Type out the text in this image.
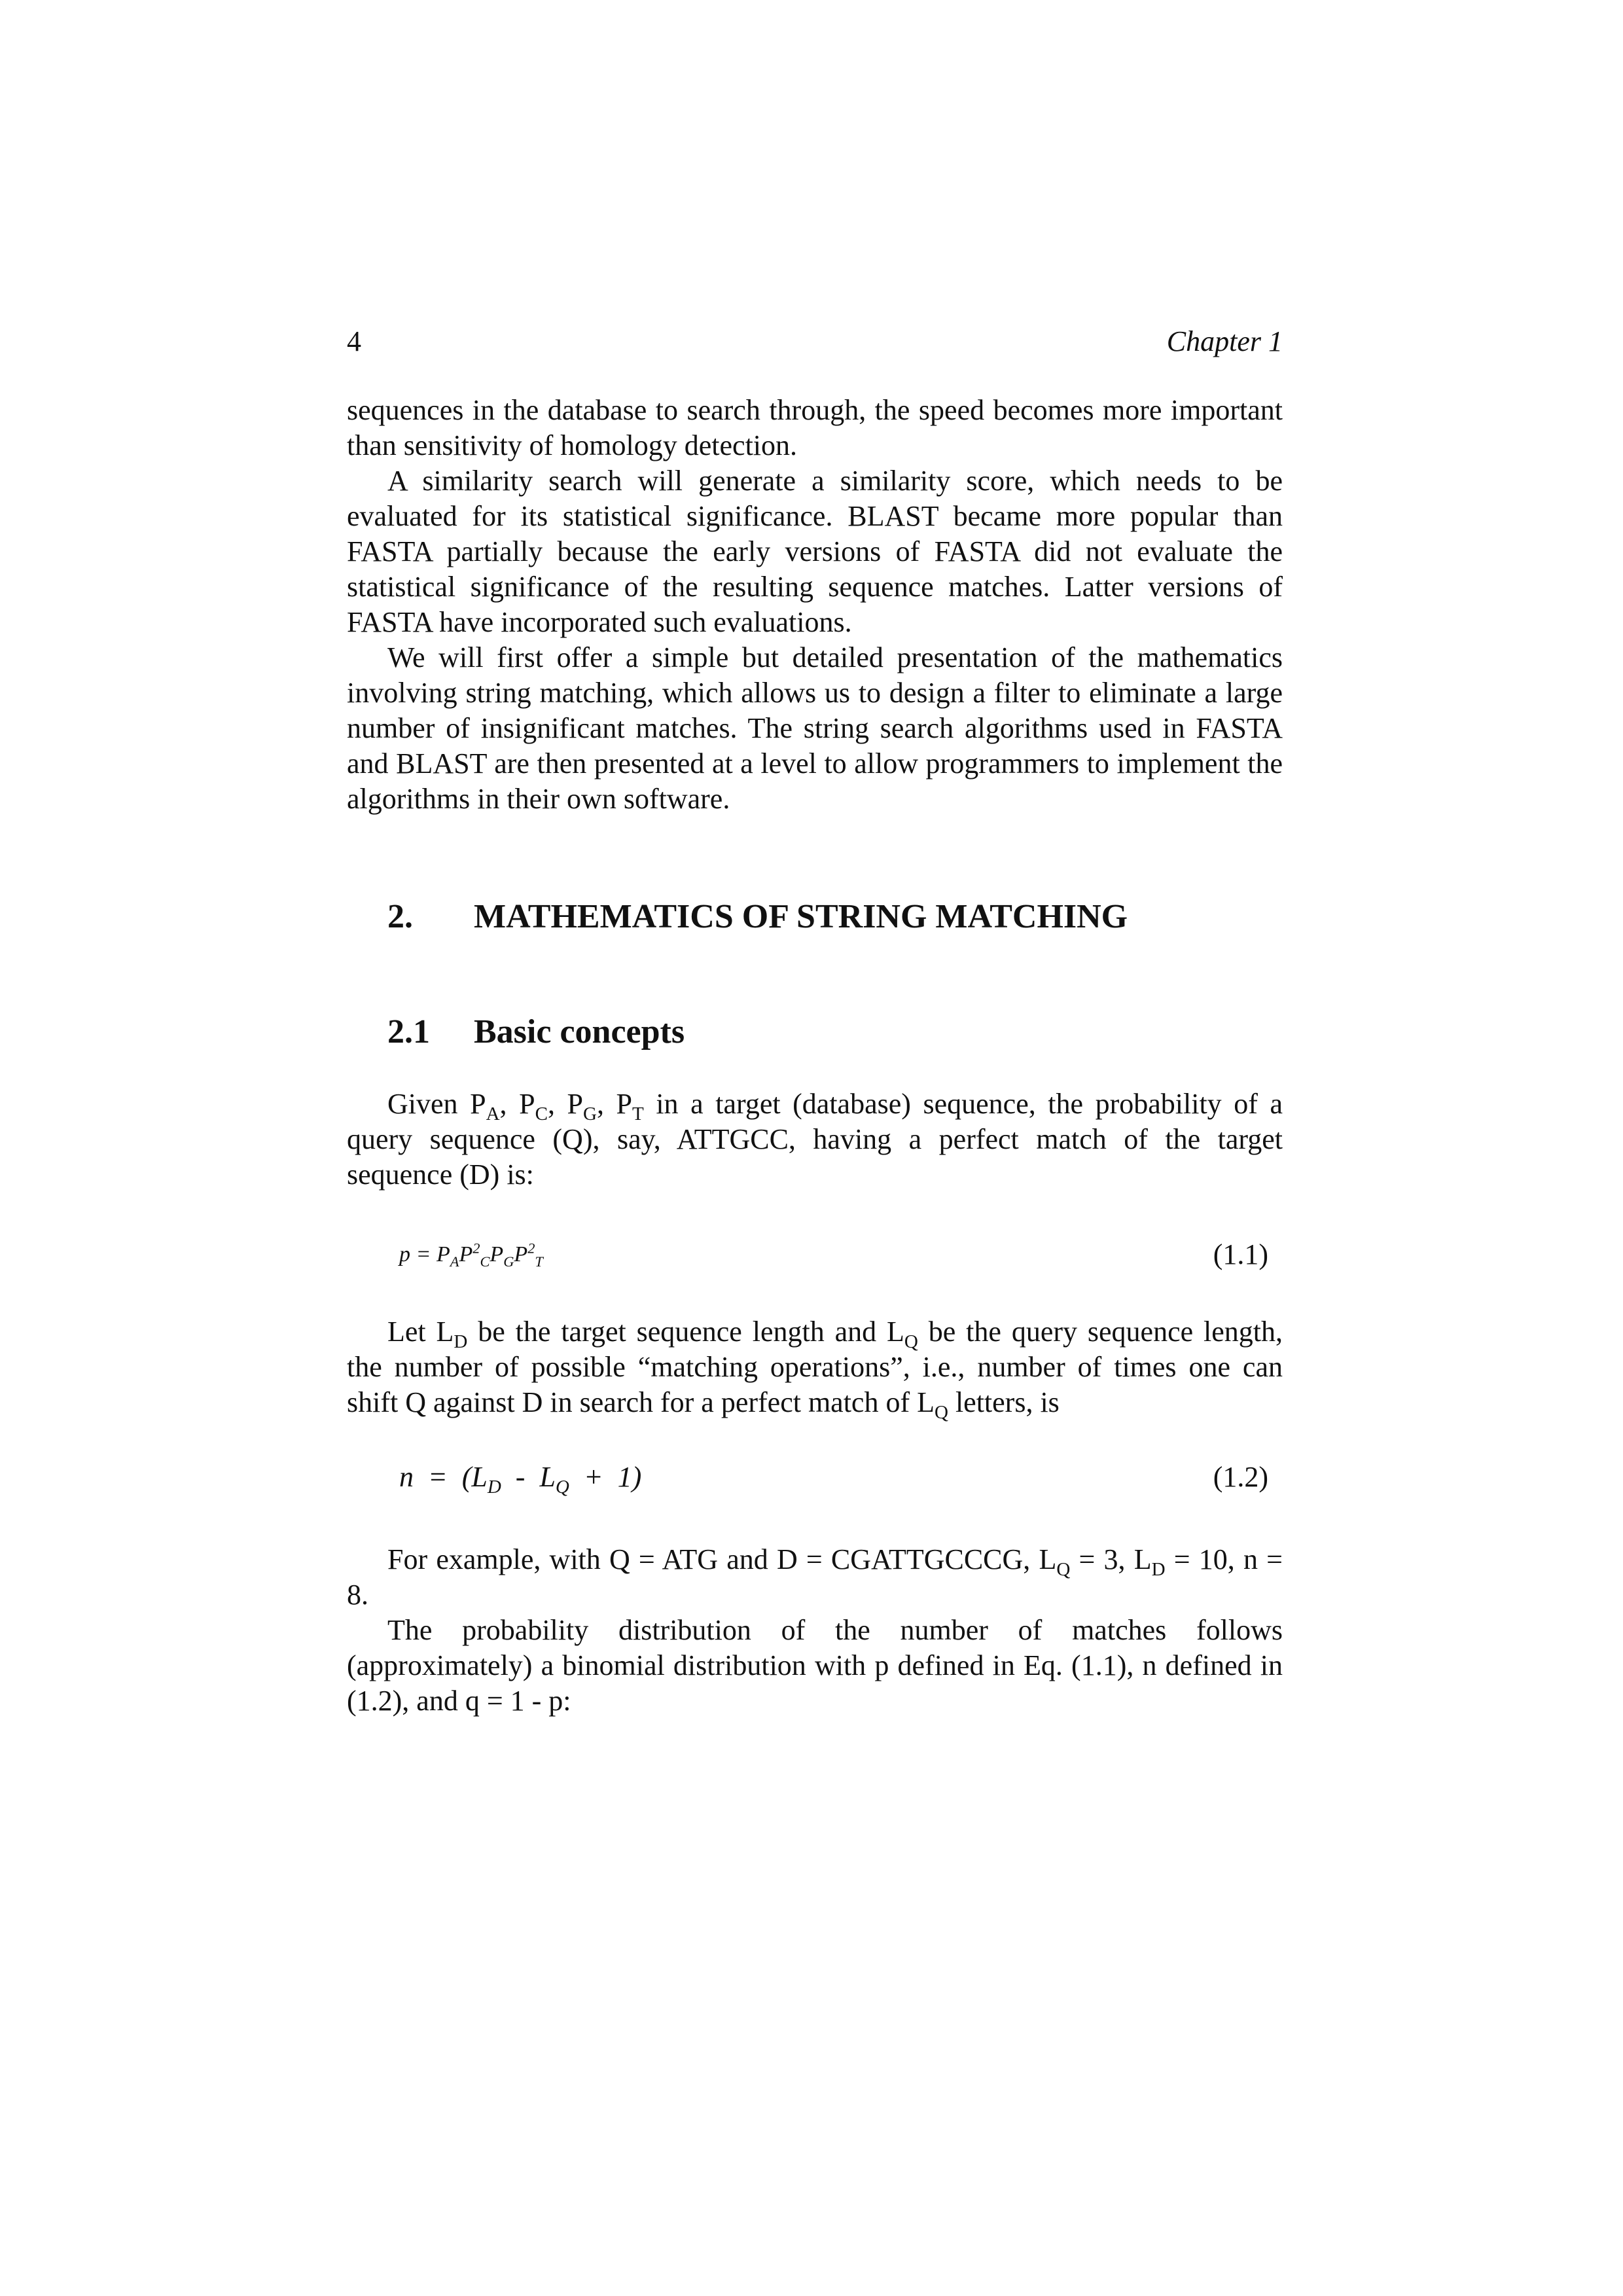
4	Chapter 1

sequences in the database to search through, the speed becomes more important than sensitivity of homology detection.

A similarity search will generate a similarity score, which needs to be evaluated for its statistical significance. BLAST became more popular than FASTA partially because the early versions of FASTA did not evaluate the statistical significance of the resulting sequence matches. Latter versions of FASTA have incorporated such evaluations.

We will first offer a simple but detailed presentation of the mathematics involving string matching, which allows us to design a filter to eliminate a large number of insignificant matches. The string search algorithms used in FASTA and BLAST are then presented at a level to allow programmers to implement the algorithms in their own software.

2. MATHEMATICS OF STRING MATCHING
2.1 Basic concepts

Given $P_A$, $P_C$, $P_G$, $P_T$ in a target (database) sequence, the probability of a query sequence (Q), say, ATTGCC, having a perfect match of the target sequence (D) is:

$p = P_AP^2_CP_GP^2_T$	(1.1)

Let $L_D$ be the target sequence length and $L_Q$ be the query sequence length, the number of possible “matching operations”, i.e., number of times one can shift Q against D in search for a perfect match of $L_Q$ letters, is

$n = (L_D - L_Q + 1)$	(1.2)

For example, with Q = ATG and D = CGATTGCCCG, $L_Q = 3$, $L_D = 10$, n = 8.

The probability distribution of the number of matches follows (approximately) a binomial distribution with p defined in Eq. (1.1), n defined in (1.2), and q = 1 - p:
